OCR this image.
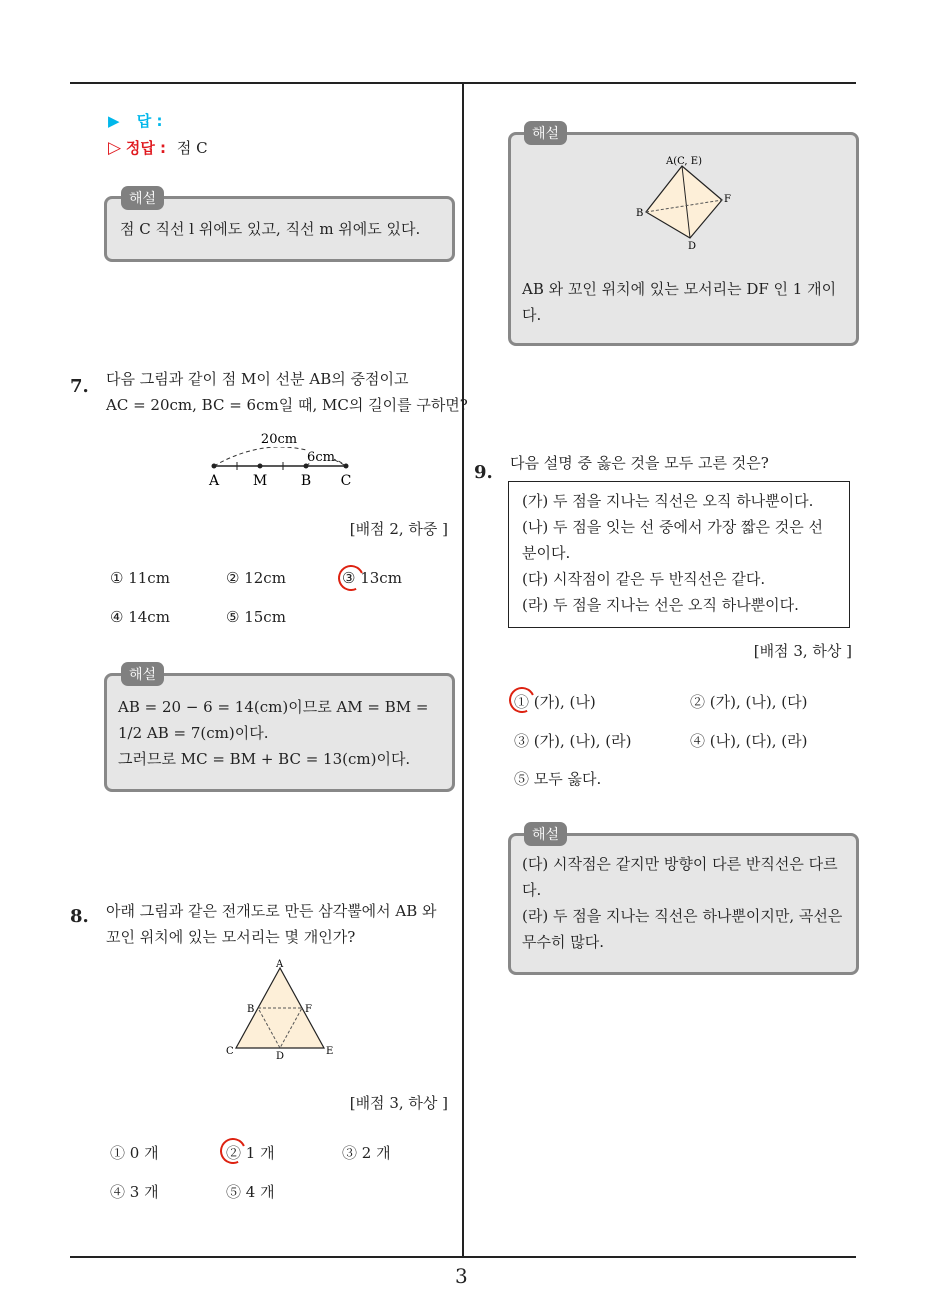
3
▶ 답 :
▷ 정답 : 점 C
해설
점 C 직선 l 위에도 있고, 직선 m 위에도 있다.
7. 다음 그림과 같이 점 M이 선분 AB의 중점이고
AC = 20cm, BC = 6cm일 때, MC의 길이를 구하면?
20cm
6cm
A M B C
[배점 2, 하중 ]
① 11cm	② 12cm	③ 13cm
④ 14cm	⑤ 15cm
해설
AB = 20 − 6 = 14(cm)이므로 AM = BM =
1/2 AB = 7(cm)이다.
그러므로 MC = BM + BC = 13(cm)이다.
8. 아래 그림과 같은 전개도로 만든 삼각뿔에서 AB 와
꼬인 위치에 있는 모서리는 몇 개인가?
A
B	F
C	D	E
[배점 3, 하상 ]
① 0 개	② 1 개	③ 2 개
④ 3 개	⑤ 4 개
해설
A(C, E)
B
F
D
AB 와 꼬인 위치에 있는 모서리는 DF 인 1 개이
다.
9. 다음 설명 중 옳은 것을 모두 고른 것은?
(가) 두 점을 지나는 직선은 오직 하나뿐이다.
(나) 두 점을 잇는 선 중에서 가장 짧은 것은 선
분이다.
(다) 시작점이 같은 두 반직선은 같다.
(라) 두 점을 지나는 선은 오직 하나뿐이다.
[배점 3, 하상 ]
① (가), (나)	② (가), (나), (다)
③ (가), (나), (라)	④ (나), (다), (라)
⑤ 모두 옳다.
해설
(다) 시작점은 같지만 방향이 다른 반직선은 다르
다.
(라) 두 점을 지나는 직선은 하나뿐이지만, 곡선은
무수히 많다.
